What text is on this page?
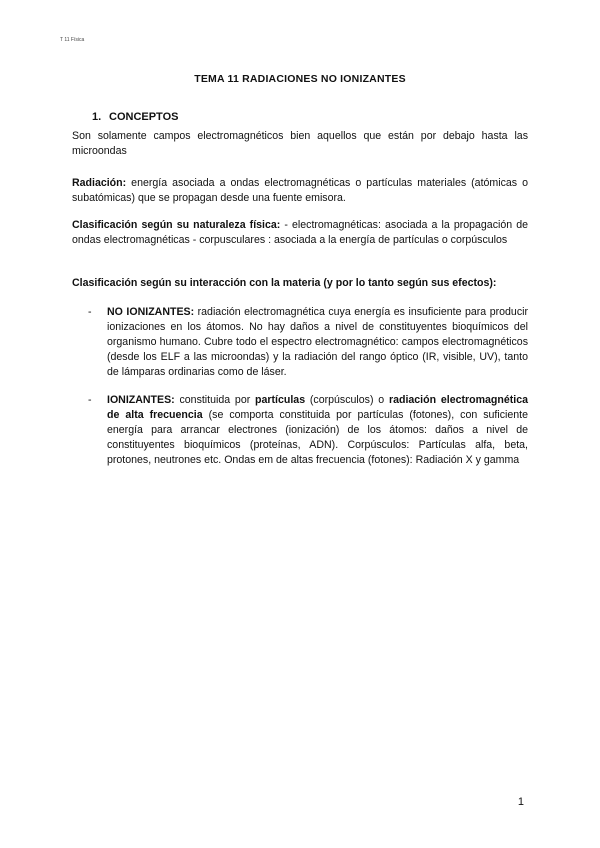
T 11 Física
TEMA 11 RADIACIONES NO IONIZANTES
1. CONCEPTOS
Son solamente campos electromagnéticos bien aquellos que están por debajo hasta las microondas
Radiación: energía asociada a ondas electromagnéticas o partículas materiales (atómicas o subatómicas) que se propagan desde una fuente emisora.
Clasificación según su naturaleza física: - electromagnéticas: asociada a la propagación de ondas electromagnéticas - corpusculares : asociada a la energía de partículas o corpúsculos
Clasificación según su interacción con la materia (y por lo tanto según sus efectos):
-	NO IONIZANTES: radiación electromagnética cuya energía es insuficiente para producir ionizaciones en los átomos. No hay daños a nivel de constituyentes bioquímicos del organismo humano. Cubre todo el espectro electromagnético: campos electromagnéticos (desde los ELF a las microondas) y la radiación del rango óptico (IR, visible, UV), tanto de lámparas ordinarias como de láser.
-	IONIZANTES: constituida por partículas (corpúsculos) o radiación electromagnética de alta frecuencia (se comporta constituida por partículas (fotones), con suficiente energía para arrancar electrones (ionización) de los átomos: daños a nivel de constituyentes bioquímicos (proteínas, ADN). Corpúsculos: Partículas alfa, beta, protones, neutrones etc. Ondas em de altas frecuencia (fotones): Radiación X y gamma
1
